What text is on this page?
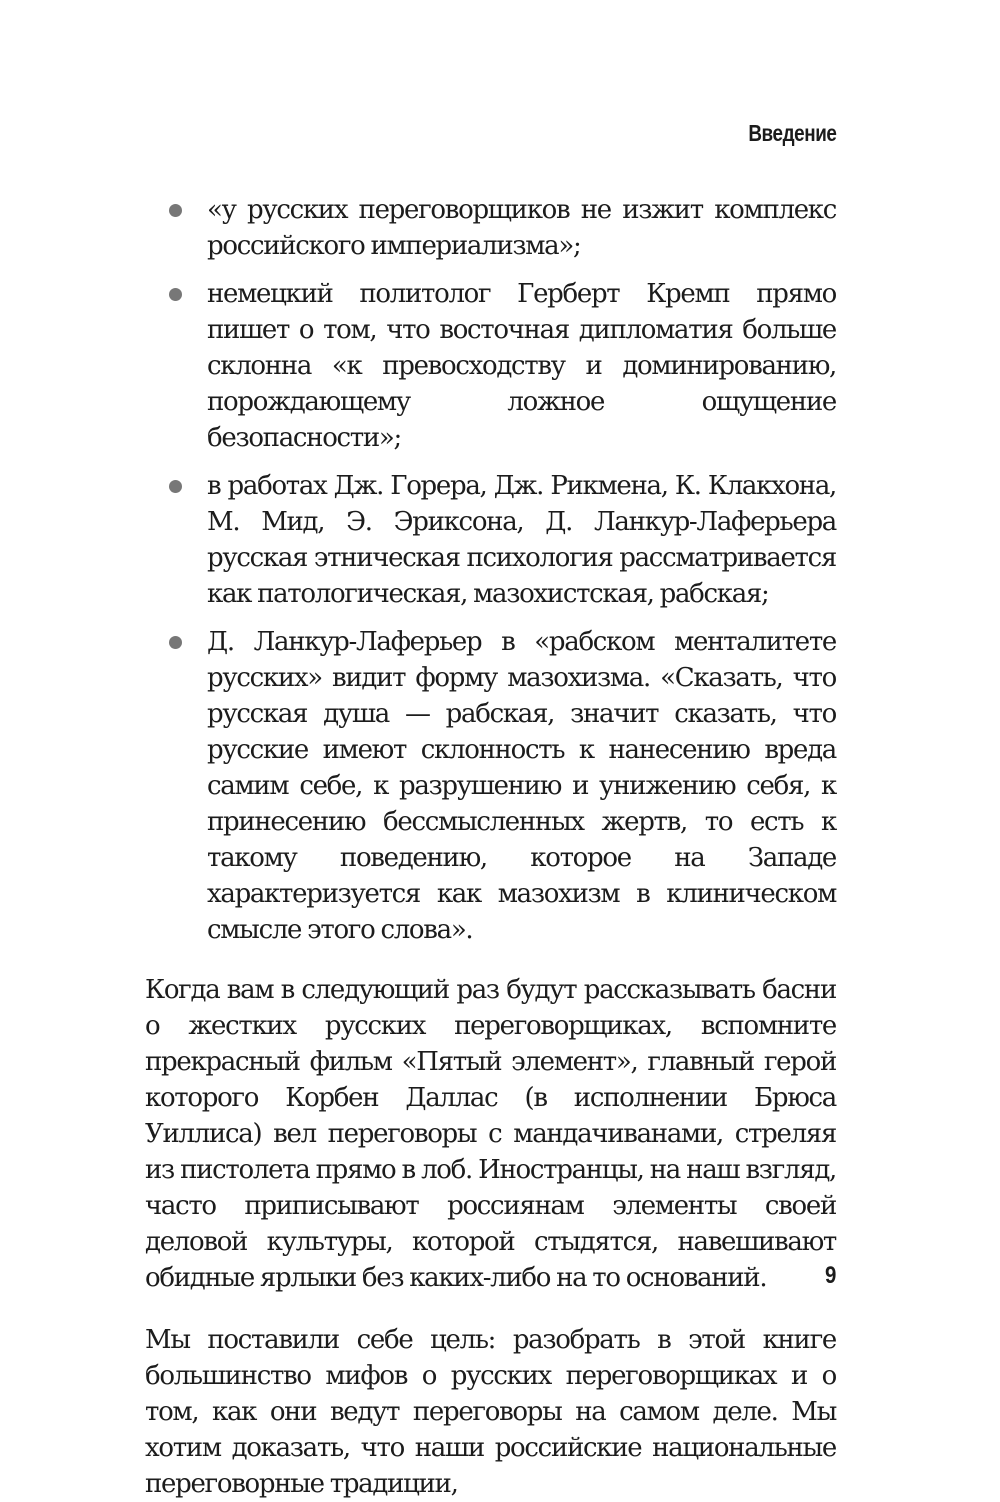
Введение
«у русских переговорщиков не изжит комплекс российского империализма»;
немецкий политолог Герберт Кремп прямо пишет о том, что восточная дипломатия больше склонна «к превосходству и доминированию, порождающему ложное ощущение безопасности»;
в работах Дж. Горера, Дж. Рикмена, К. Клакхона, М. Мид, Э. Эриксона, Д. Ланкур-Лаферьера русская этническая психология рассматривается как патологическая, мазохистская, рабская;
Д. Ланкур-Лаферьер в «рабском менталитете русских» видит форму мазохизма. «Сказать, что русская душа — рабская, значит сказать, что русские имеют склонность к нанесению вреда самим себе, к разрушению и унижению себя, к принесению бессмысленных жертв, то есть к такому поведению, которое на Западе характеризуется как мазохизм в клиническом смысле этого слова».

Когда вам в следующий раз будут рассказывать басни о жестких русских переговорщиках, вспомните прекрасный фильм «Пятый элемент», главный герой которого Корбен Даллас (в исполнении Брюса Уиллиса) вел переговоры с мандачиванами, стреляя из пистолета прямо в лоб. Иностранцы, на наш взгляд, часто приписывают россиянам элементы своей деловой культуры, которой стыдятся, навешивают обидные ярлыки без каких-либо на то оснований.

Мы поставили себе цель: разобрать в этой книге большинство мифов о русских переговорщиках и о том, как они ведут переговоры на самом деле. Мы хотим доказать, что наши российские национальные переговорные традиции,

9
